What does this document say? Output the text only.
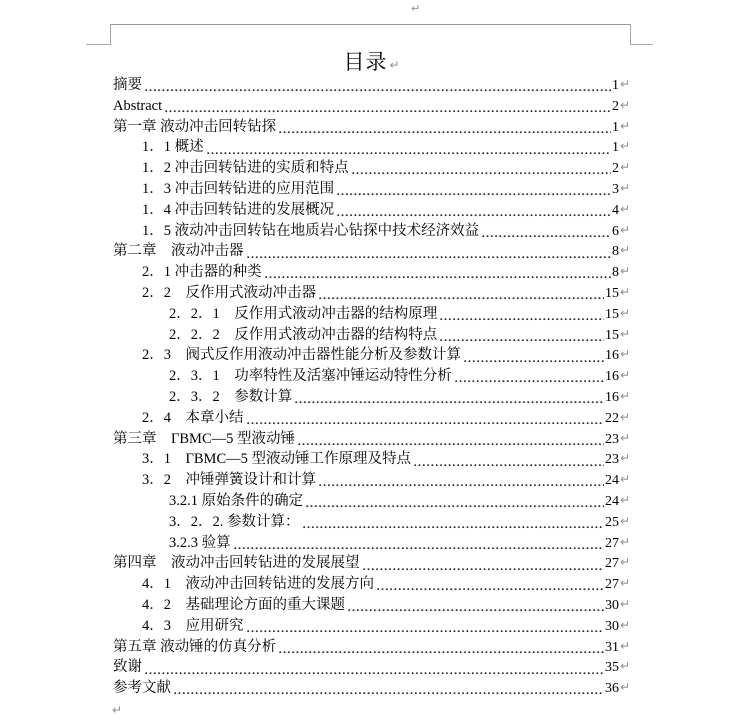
↵
目录 ↵
摘要	1 ↵
Abstract	2 ↵
第一章 液动冲击回转钻探	1 ↵
1．1 概述	1 ↵
1．2 冲击回转钻进的实质和特点	2 ↵
1．3 冲击回转钻进的应用范围	3 ↵
1．4 冲击回转钻进的发展概况	4 ↵
1．5 液动冲击回转钻在地质岩心钻探中技术经济效益	6 ↵
第二章　液动冲击器	8 ↵
2．1 冲击器的种类	8 ↵
2．2　反作用式液动冲击器	15 ↵
2．2．1　反作用式液动冲击器的结构原理	15 ↵
2．2．2　反作用式液动冲击器的结构特点	15 ↵
2．3　阀式反作用液动冲击器性能分析及参数计算	16 ↵
2．3．1　功率特性及活塞冲锤运动特性分析	16 ↵
2．3．2　参数计算	16 ↵
2．4　本章小结	22 ↵
第三章　ΓBMC—5 型液动锤	23 ↵
3．1　ΓBMC—5 型液动锤工作原理及特点	23 ↵
3．2　冲锤弹簧设计和计算	24 ↵
3.2.1 原始条件的确定	24 ↵
3．2．2. 参数计算：	25 ↵
3.2.3 验算	27 ↵
第四章　液动冲击回转钻进的发展展望	27 ↵
4．1　液动冲击回转钻进的发展方向	27 ↵
4．2　基础理论方面的重大课题	30 ↵
4．3　应用研究	30 ↵
第五章 液动锤的仿真分析	31 ↵
致谢	35 ↵
参考文献	36 ↵
↵
